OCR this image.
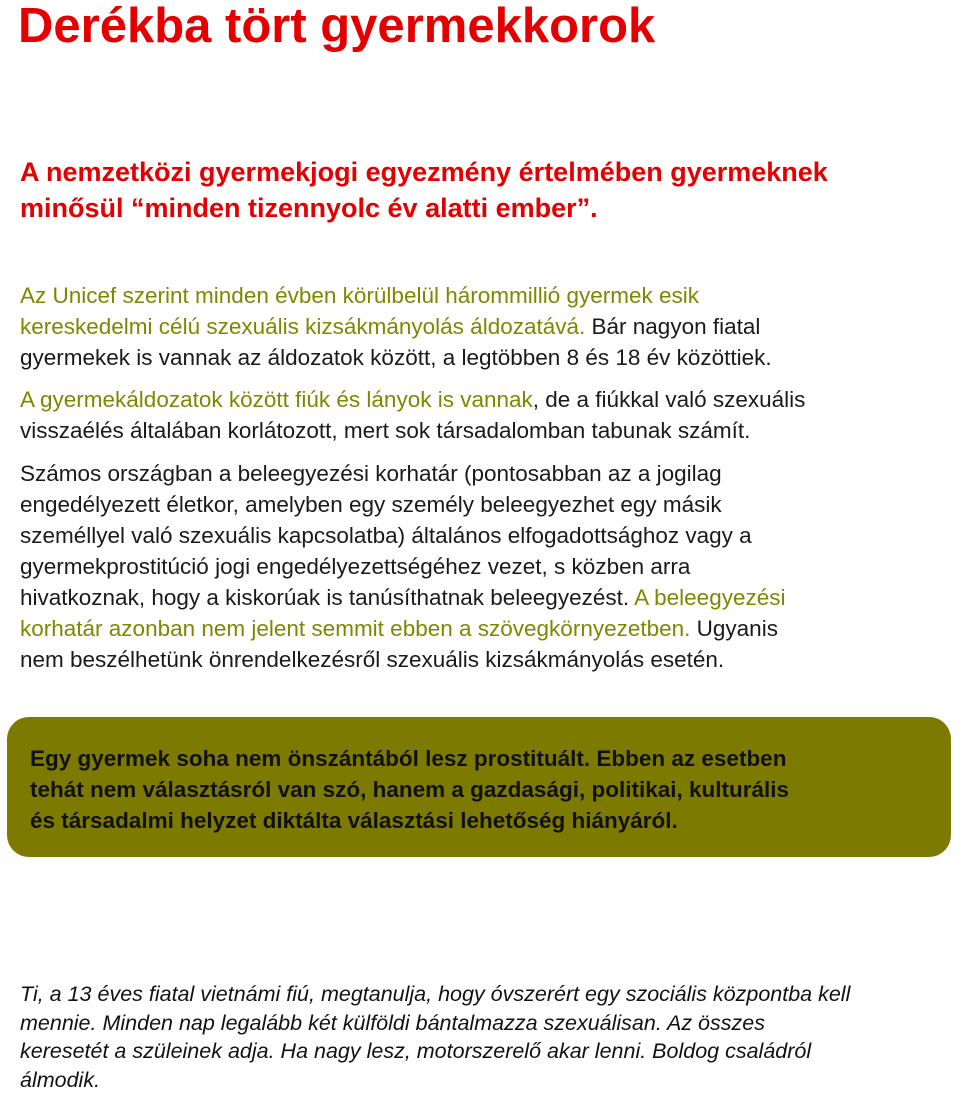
Derékba tört gyermekkorok

A nemzetközi gyermekjogi egyezmény értelmében gyermeknek
minősül “minden tizennyolc év alatti ember”.

Az Unicef szerint minden évben körülbelül hárommillió gyermek esik
kereskedelmi célú szexuális kizsákmányolás áldozatává. Bár nagyon fiatal
gyermekek is vannak az áldozatok között, a legtöbben 8 és 18 év közöttiek.

A gyermekáldozatok között fiúk és lányok is vannak, de a fiúkkal való szexuális
visszaélés általában korlátozott, mert sok társadalomban tabunak számít.

Számos országban a beleegyezési korhatár (pontosabban az a jogilag
engedélyezett életkor, amelyben egy személy beleegyezhet egy másik
személlyel való szexuális kapcsolatba) általános elfogadottsághoz vagy a
gyermekprostitúció jogi engedélyezettségéhez vezet, s közben arra
hivatkoznak, hogy a kiskorúak is tanúsíthatnak beleegyezést. A beleegyezési
korhatár azonban nem jelent semmit ebben a szövegkörnyezetben. Ugyanis
nem beszélhetünk önrendelkezésről szexuális kizsákmányolás esetén.

Egy gyermek soha nem önszántából lesz prostituált. Ebben az esetben
tehát nem választásról van szó, hanem a gazdasági, politikai, kulturális
és társadalmi helyzet diktálta választási lehetőség hiányáról.

Ti, a 13 éves fiatal vietnámi fiú, megtanulja, hogy óvszerért egy szociális központba kell
mennie. Minden nap legalább két külföldi bántalmazza szexuálisan. Az összes
keresetét a szüleinek adja. Ha nagy lesz, motorszerelő akar lenni. Boldog családról
álmodik.
